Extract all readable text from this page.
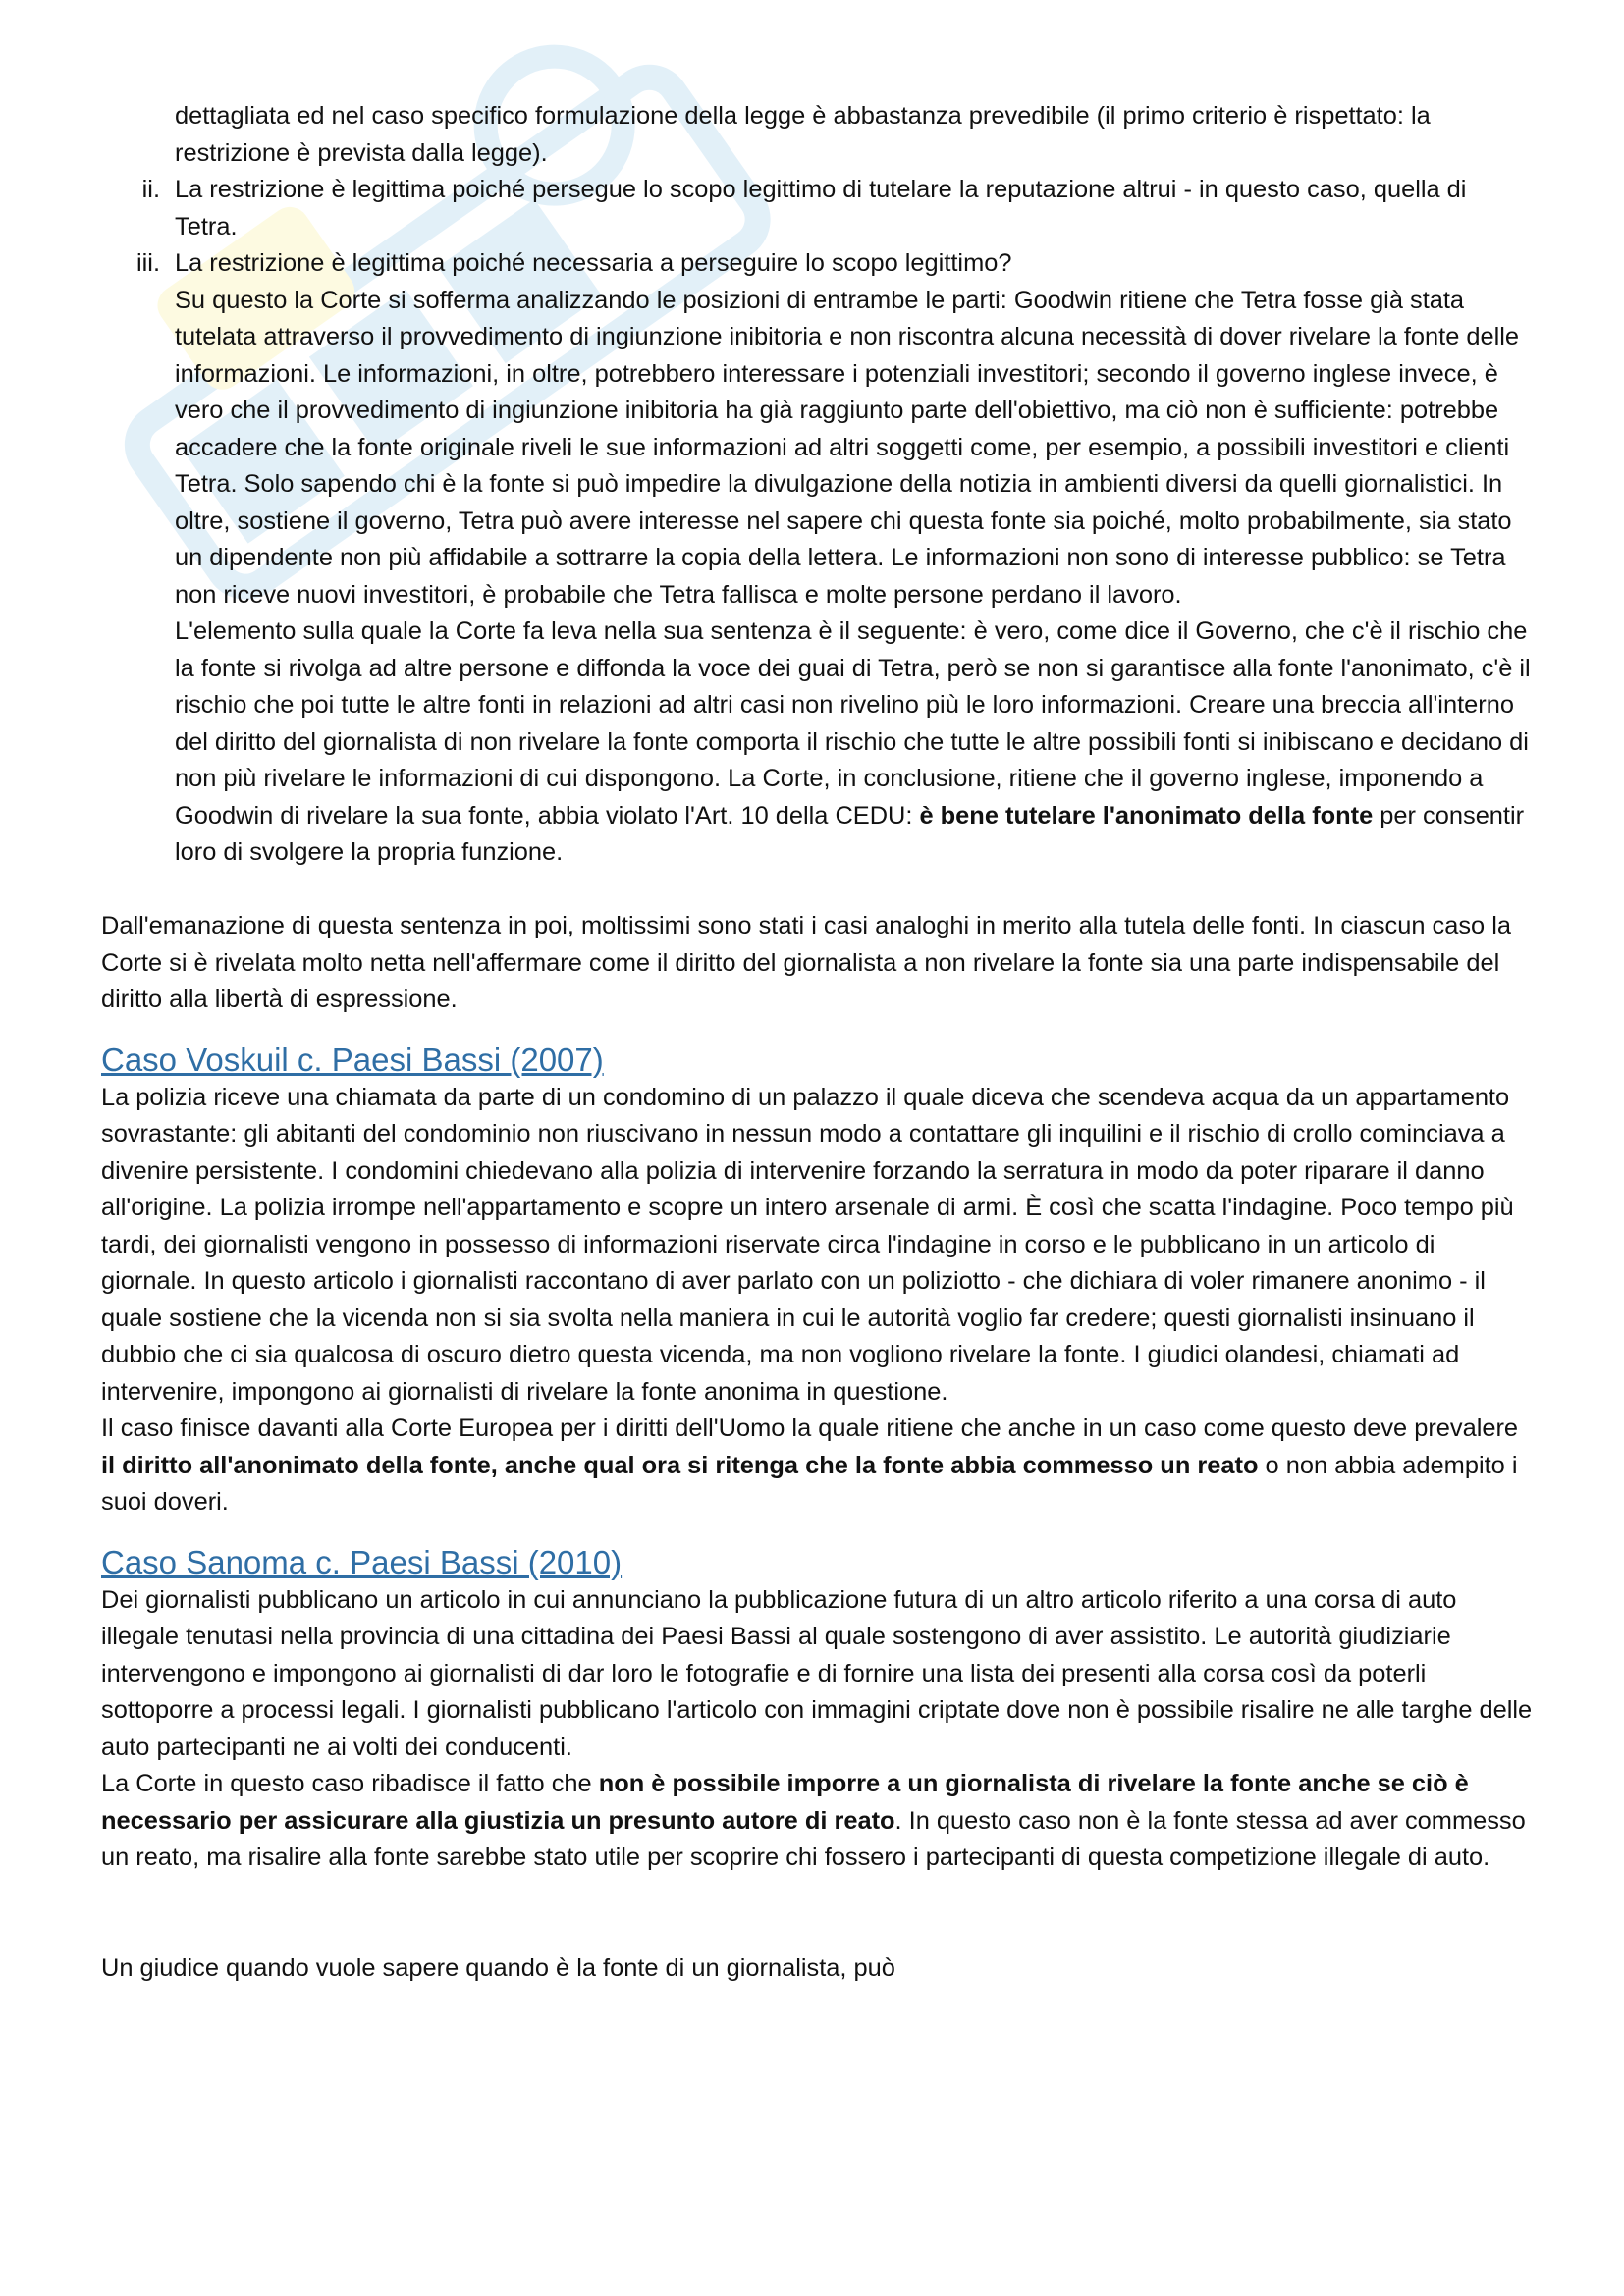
dettagliata ed nel caso specifico formulazione della legge è abbastanza prevedibile (il primo criterio è rispettato: la restrizione è prevista dalla legge).

ii. La restrizione è legittima poiché persegue lo scopo legittimo di tutelare la reputazione altrui - in questo caso, quella di Tetra.
iii. La restrizione è legittima poiché necessaria a perseguire lo scopo legittimo?

Su questo la Corte si sofferma analizzando le posizioni di entrambe le parti: Goodwin ritiene che Tetra fosse già stata tutelata attraverso il provvedimento di ingiunzione inibitoria e non riscontra alcuna necessità di dover rivelare la fonte delle informazioni. Le informazioni, in oltre, potrebbero interessare i potenziali investitori; secondo il governo inglese invece, è vero che il provvedimento di ingiunzione inibitoria ha già raggiunto parte dell'obiettivo, ma ciò non è sufficiente: potrebbe accadere che la fonte originale riveli le sue informazioni ad altri soggetti come, per esempio, a possibili investitori e clienti Tetra. Solo sapendo chi è la fonte si può impedire la divulgazione della notizia in ambienti diversi da quelli giornalistici. In oltre, sostiene il governo, Tetra può avere interesse nel sapere chi questa fonte sia poiché, molto probabilmente, sia stato un dipendente non più affidabile a sottrarre la copia della lettera. Le informazioni non sono di interesse pubblico: se Tetra non riceve nuovi investitori, è probabile che Tetra fallisca e molte persone perdano il lavoro.

L'elemento sulla quale la Corte fa leva nella sua sentenza è il seguente: è vero, come dice il Governo, che c'è il rischio che la fonte si rivolga ad altre persone e diffonda la voce dei guai di Tetra, però se non si garantisce alla fonte l'anonimato, c'è il rischio che poi tutte le altre fonti in relazioni ad altri casi non rivelino più le loro informazioni. Creare una breccia all'interno del diritto del giornalista di non rivelare la fonte comporta il rischio che tutte le altre possibili fonti si inibiscano e decidano di non più rivelare le informazioni di cui dispongono. La Corte, in conclusione, ritiene che il governo inglese, imponendo a Goodwin di rivelare la sua fonte, abbia violato l'Art. 10 della CEDU: è bene tutelare l'anonimato della fonte per consentir loro di svolgere la propria funzione.

Dall'emanazione di questa sentenza in poi, moltissimi sono stati i casi analoghi in merito alla tutela delle fonti. In ciascun caso la Corte si è rivelata molto netta nell'affermare come il diritto del giornalista a non rivelare la fonte sia una parte indispensabile del diritto alla libertà di espressione.

Caso Voskuil c. Paesi Bassi (2007)

La polizia riceve una chiamata da parte di un condomino di un palazzo il quale diceva che scendeva acqua da un appartamento sovrastante: gli abitanti del condominio non riuscivano in nessun modo a contattare gli inquilini e il rischio di crollo cominciava a divenire persistente. I condomini chiedevano alla polizia di intervenire forzando la serratura in modo da poter riparare il danno all'origine. La polizia irrompe nell'appartamento e scopre un intero arsenale di armi. È così che scatta l'indagine. Poco tempo più tardi, dei giornalisti vengono in possesso di informazioni riservate circa l'indagine in corso e le pubblicano in un articolo di giornale. In questo articolo i giornalisti raccontano di aver parlato con un poliziotto - che dichiara di voler rimanere anonimo - il quale sostiene che la vicenda non si sia svolta nella maniera in cui le autorità voglio far credere; questi giornalisti insinuano il dubbio che ci sia qualcosa di oscuro dietro questa vicenda, ma non vogliono rivelare la fonte. I giudici olandesi, chiamati ad intervenire, impongono ai giornalisti di rivelare la fonte anonima in questione.

Il caso finisce davanti alla Corte Europea per i diritti dell'Uomo la quale ritiene che anche in un caso come questo deve prevalere il diritto all'anonimato della fonte, anche qual ora si ritenga che la fonte abbia commesso un reato o non abbia adempito i suoi doveri.

Caso Sanoma c. Paesi Bassi (2010)

Dei giornalisti pubblicano un articolo in cui annunciano la pubblicazione futura di un altro articolo riferito a una corsa di auto illegale tenutasi nella provincia di una cittadina dei Paesi Bassi al quale sostengono di aver assistito. Le autorità giudiziarie intervengono e impongono ai giornalisti di dar loro le fotografie e di fornire una lista dei presenti alla corsa così da poterli sottoporre a processi legali. I giornalisti pubblicano l'articolo con immagini criptate dove non è possibile risalire ne alle targhe delle auto partecipanti ne ai volti dei conducenti.

La Corte in questo caso ribadisce il fatto che non è possibile imporre a un giornalista di rivelare la fonte anche se ciò è necessario per assicurare alla giustizia un presunto autore di reato. In questo caso non è la fonte stessa ad aver commesso un reato, ma risalire alla fonte sarebbe stato utile per scoprire chi fossero i partecipanti di questa competizione illegale di auto.

Un giudice quando vuole sapere quando è la fonte di un giornalista, può
